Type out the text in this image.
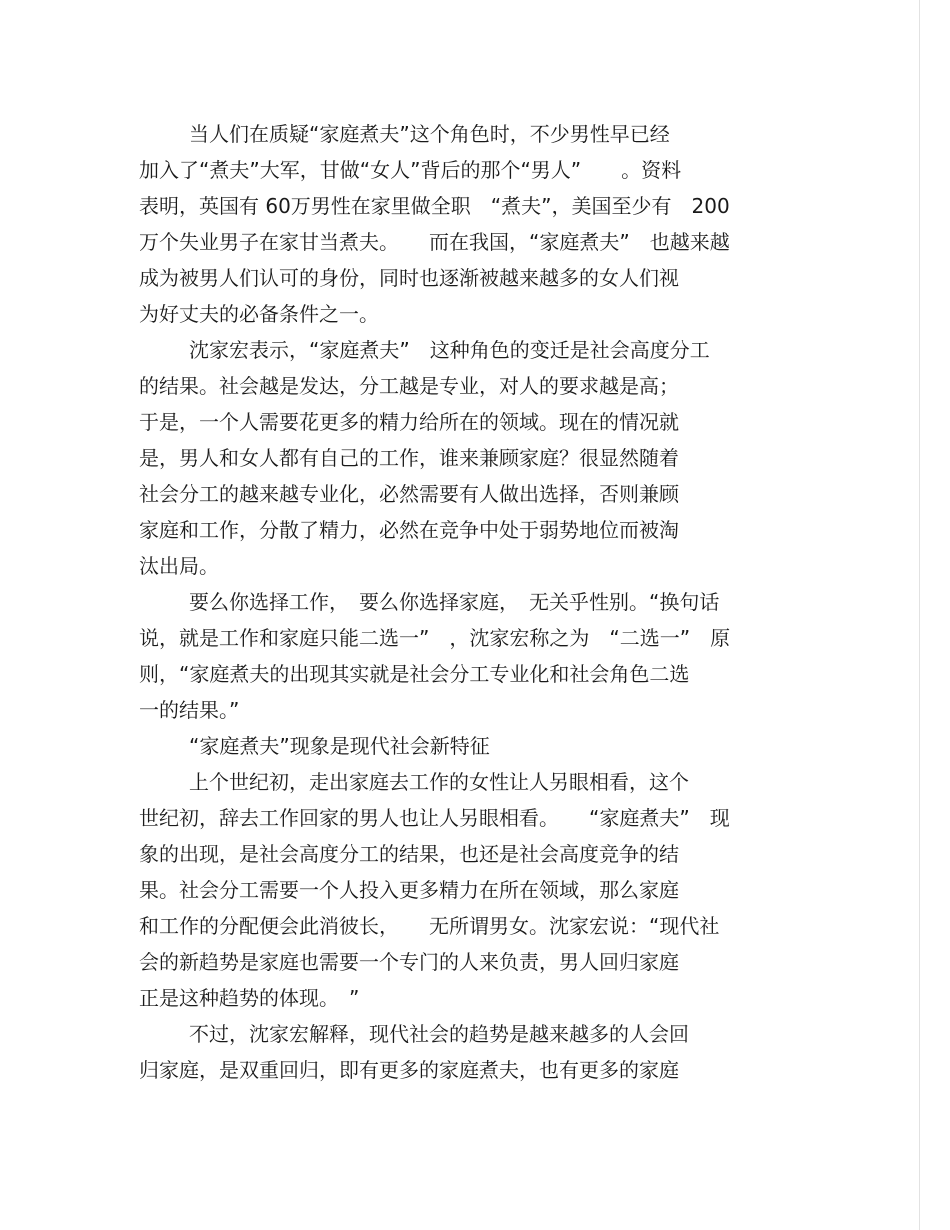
当人们在质疑“家庭煮夫”这个角色时，不少男性早已经
加入了“煮夫”大军，甘做“女人”背后的那个“男人”　　。资料
表明，英国有 60万男性在家里做全职　“煮夫”，美国至少有　200
万个失业男子在家甘当煮夫。　　而在我国，“家庭煮夫”　也越来越
成为被男人们认可的身份，同时也逐渐被越来越多的女人们视
为好丈夫的必备条件之一。
沈家宏表示，“家庭煮夫”　这种角色的变迁是社会高度分工
的结果。社会越是发达，分工越是专业，对人的要求越是高；
于是，一个人需要花更多的精力给所在的领域。现在的情况就
是，男人和女人都有自己的工作，谁来兼顾家庭？很显然随着
社会分工的越来越专业化，必然需要有人做出选择，否则兼顾
家庭和工作，分散了精力，必然在竞争中处于弱势地位而被淘
汰出局。
要么你选择工作，　要么你选择家庭，　无关乎性别。“换句话
说，就是工作和家庭只能二选一”　，沈家宏称之为　“二选一”　原
则，“家庭煮夫的出现其实就是社会分工专业化和社会角色二选
一的结果。”
“家庭煮夫”现象是现代社会新特征
上个世纪初，走出家庭去工作的女性让人另眼相看，这个
世纪初，辞去工作回家的男人也让人另眼相看。　　“家庭煮夫”　现
象的出现，是社会高度分工的结果，也还是社会高度竞争的结
果。社会分工需要一个人投入更多精力在所在领域，那么家庭
和工作的分配便会此消彼长，　　无所谓男女。沈家宏说：“现代社
会的新趋势是家庭也需要一个专门的人来负责，男人回归家庭
正是这种趋势的体现。　”
不过，沈家宏解释，现代社会的趋势是越来越多的人会回
归家庭，是双重回归，即有更多的家庭煮夫，也有更多的家庭
